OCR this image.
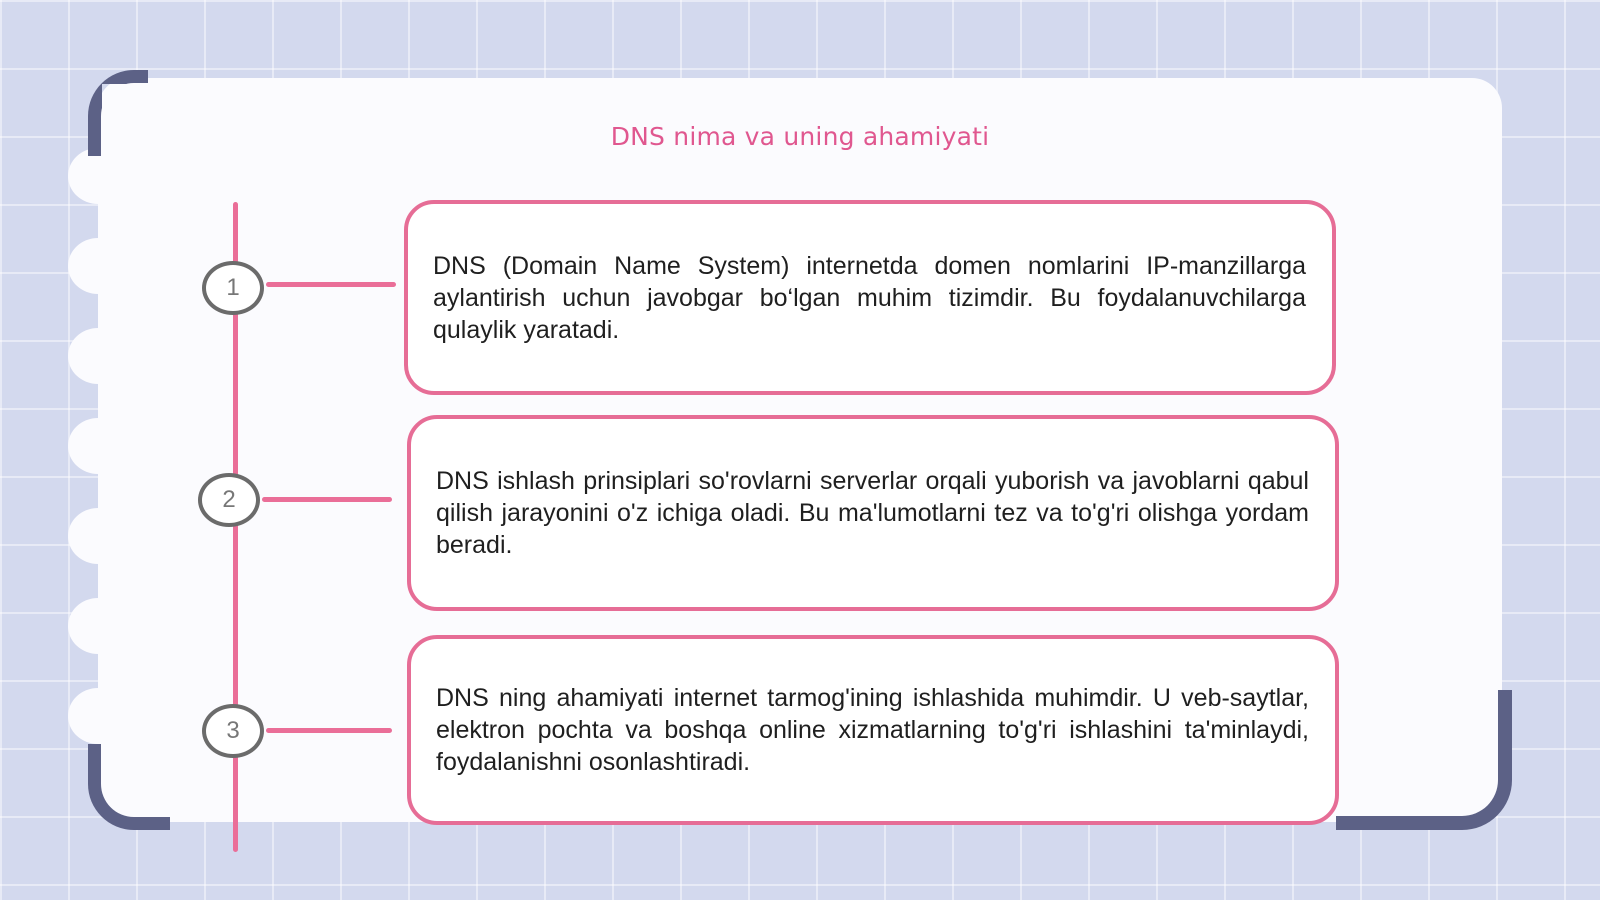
DNS nima va uning ahamiyati
1
DNS (Domain Name System) internetda domen nomlarini IP-manzillarga aylantirish uchun javobgar bo‘lgan muhim tizimdir. Bu foydalanuvchilarga qulaylik yaratadi.
2
DNS ishlash prinsiplari so'rovlarni serverlar orqali yuborish va javoblarni qabul qilish jarayonini o'z ichiga oladi. Bu ma'lumotlarni tez va to'g'ri olishga yordam beradi.
3
DNS ning ahamiyati internet tarmog'ining ishlashida muhimdir. U veb-saytlar, elektron pochta va boshqa online xizmatlarning to'g'ri ishlashini ta'minlaydi, foydalanishni osonlashtiradi.
